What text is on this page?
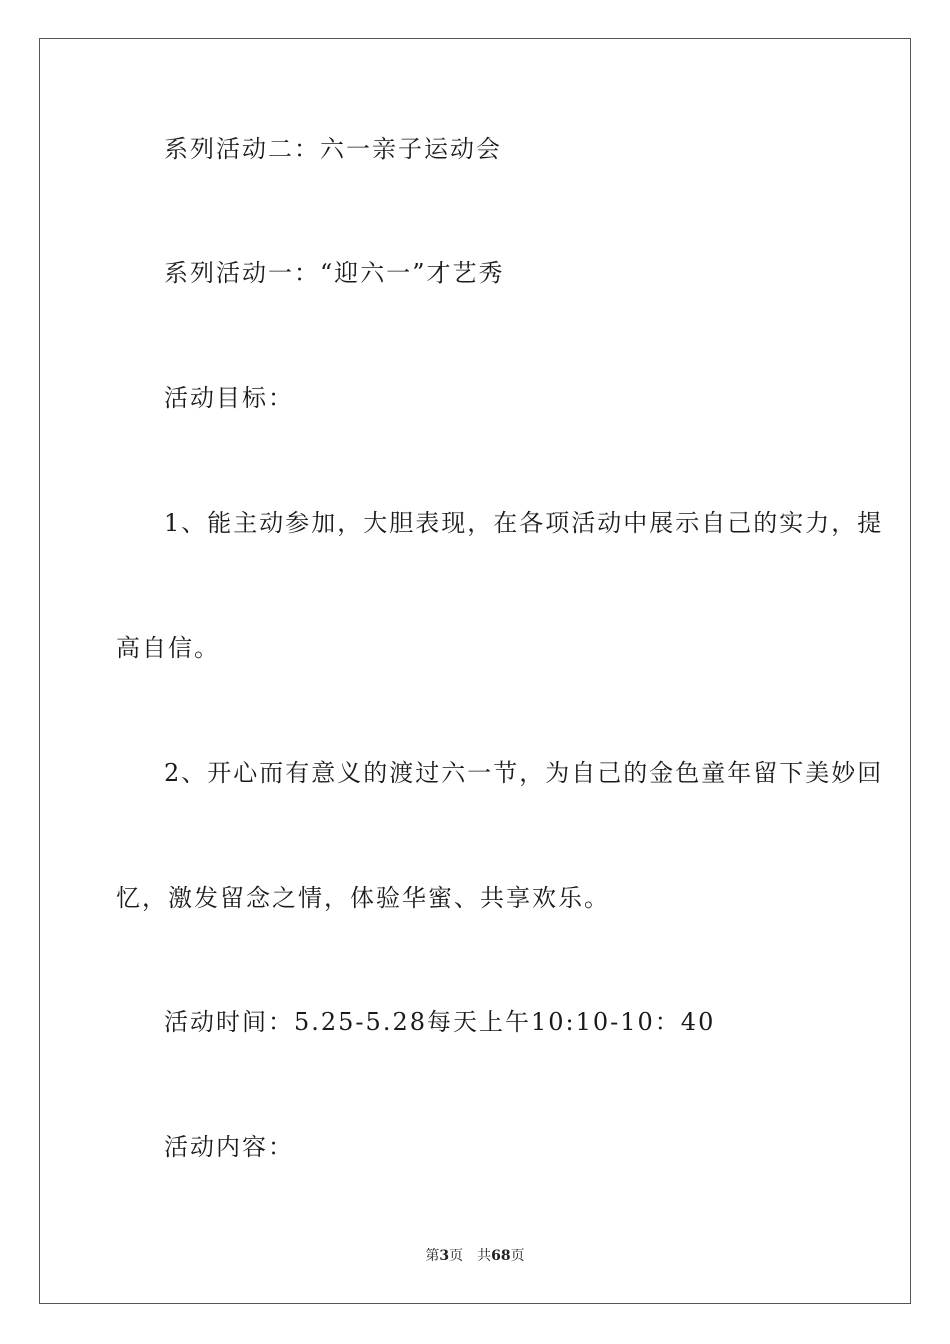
系列活动二：六一亲子运动会

系列活动一：“迎六一”才艺秀

活动目标：

1、能主动参加，大胆表现，在各项活动中展示自己的实力，提

高自信。

2、开心而有意义的渡过六一节，为自己的金色童年留下美妙回

忆，激发留念之情，体验华蜜、共享欢乐。

活动时间：5.25-5.28每天上午10:10-10：40

活动内容：

第3页 共68页
